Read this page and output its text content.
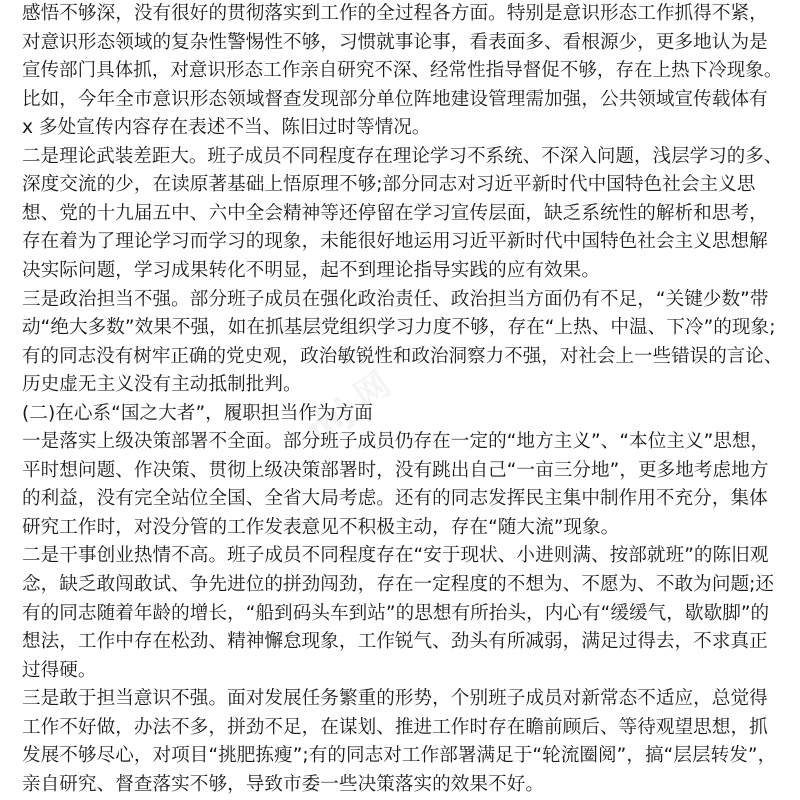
mj 网
感悟不够深，没有很好的贯彻落实到工作的全过程各方面。特别是意识形态工作抓得不紧，
对意识形态领域的复杂性警惕性不够，习惯就事论事，看表面多、看根源少，更多地认为是
宣传部门具体抓，对意识形态工作亲自研究不深、经常性指导督促不够，存在上热下冷现象。
比如，今年全市意识形态领域督查发现部分单位阵地建设管理需加强，公共领域宣传载体有
x 多处宣传内容存在表述不当、陈旧过时等情况。
二是理论武装差距大。班子成员不同程度存在理论学习不系统、不深入问题，浅层学习的多、
深度交流的少，在读原著基础上悟原理不够;部分同志对习近平新时代中国特色社会主义思
想、党的十九届五中、六中全会精神等还停留在学习宣传层面，缺乏系统性的解析和思考，
存在着为了理论学习而学习的现象，未能很好地运用习近平新时代中国特色社会主义思想解
决实际问题，学习成果转化不明显，起不到理论指导实践的应有效果。
三是政治担当不强。部分班子成员在强化政治责任、政治担当方面仍有不足，“关键少数”带
动“绝大多数”效果不强，如在抓基层党组织学习力度不够，存在“上热、中温、下冷”的现象;
有的同志没有树牢正确的党史观，政治敏锐性和政治洞察力不强，对社会上一些错误的言论、
历史虚无主义没有主动抵制批判。
(二)在心系“国之大者”，履职担当作为方面
一是落实上级决策部署不全面。部分班子成员仍存在一定的“地方主义”、“本位主义”思想，
平时想问题、作决策、贯彻上级决策部署时，没有跳出自己“一亩三分地”，更多地考虑地方
的利益，没有完全站位全国、全省大局考虑。还有的同志发挥民主集中制作用不充分，集体
研究工作时，对没分管的工作发表意见不积极主动，存在“随大流”现象。
二是干事创业热情不高。班子成员不同程度存在“安于现状、小进则满、按部就班”的陈旧观
念，缺乏敢闯敢试、争先进位的拼劲闯劲，存在一定程度的不想为、不愿为、不敢为问题;还
有的同志随着年龄的增长，“船到码头车到站”的思想有所抬头，内心有“缓缓气，歇歇脚”的
想法，工作中存在松劲、精神懈怠现象，工作锐气、劲头有所减弱，满足过得去，不求真正
过得硬。
三是敢于担当意识不强。面对发展任务繁重的形势，个别班子成员对新常态不适应，总觉得
工作不好做，办法不多，拼劲不足，在谋划、推进工作时存在瞻前顾后、等待观望思想，抓
发展不够尽心，对项目“挑肥拣瘦”;有的同志对工作部署满足于“轮流圈阅”，搞“层层转发”，
亲自研究、督查落实不够，导致市委一些决策落实的效果不好。
